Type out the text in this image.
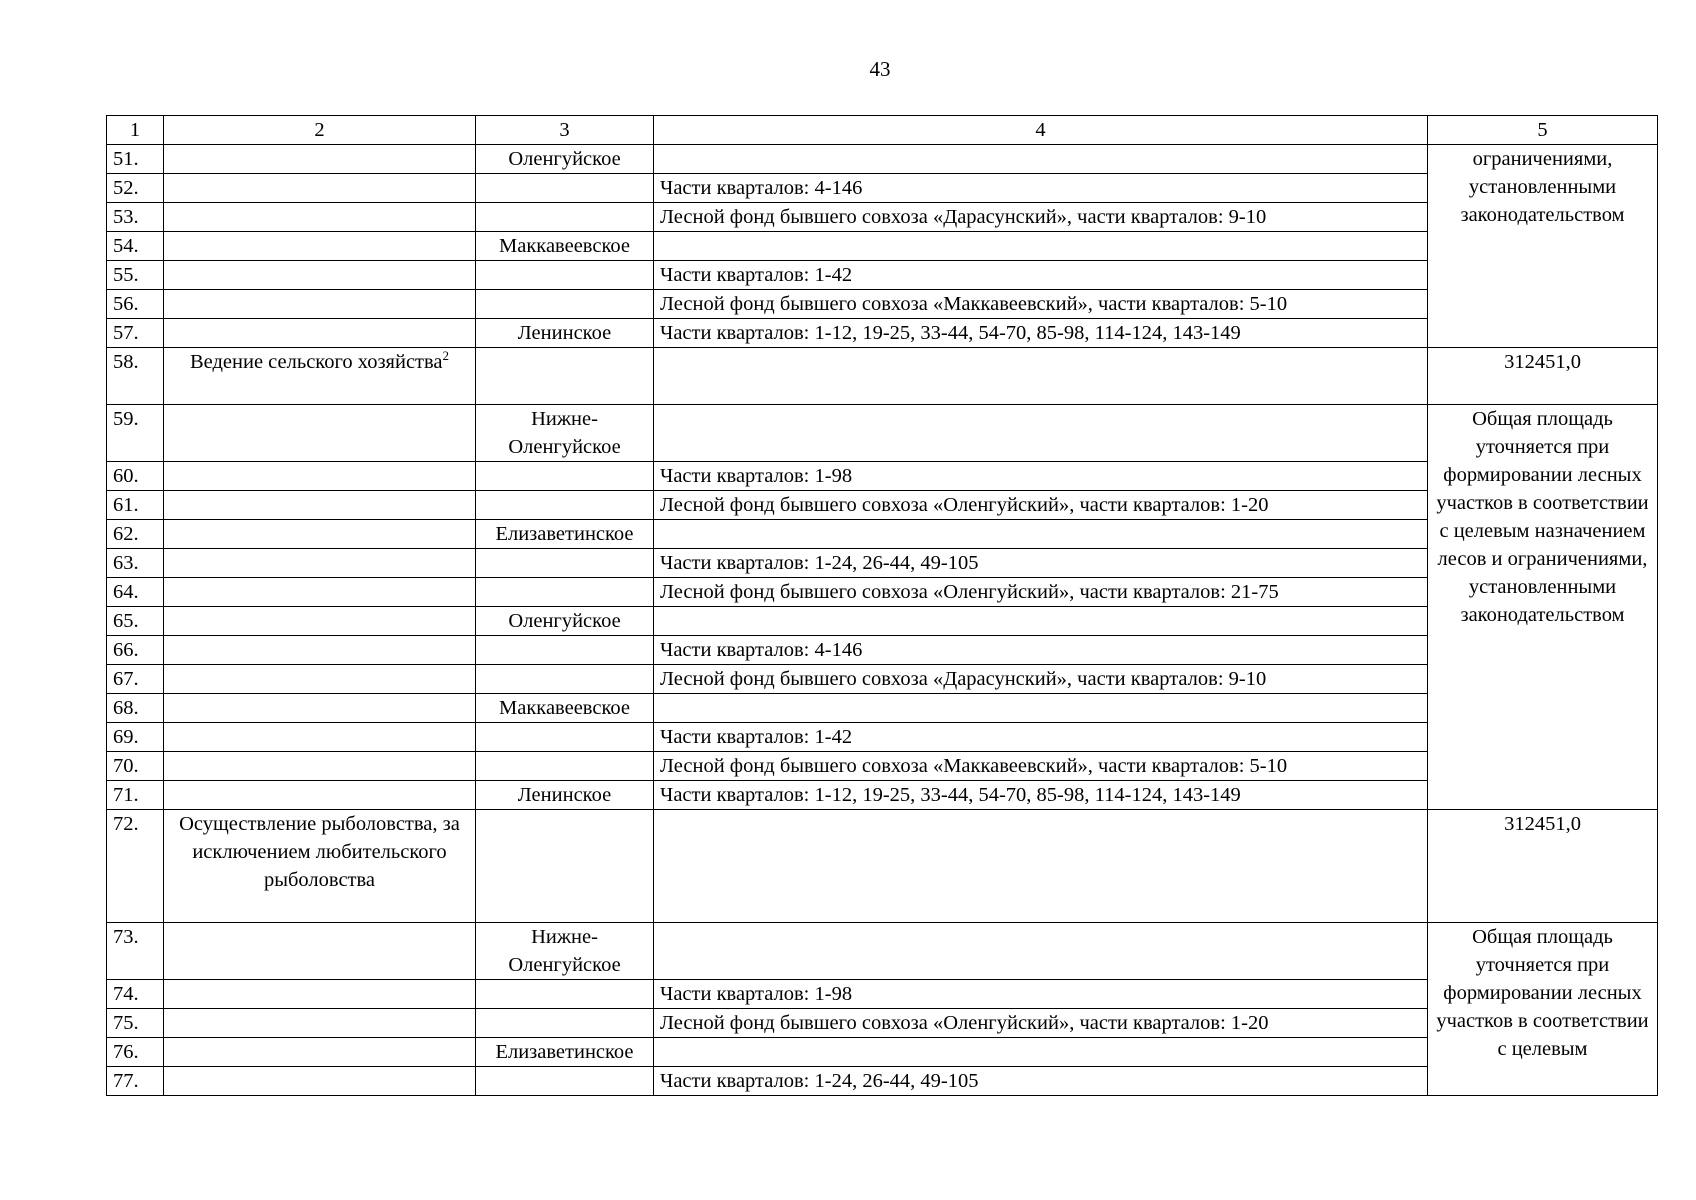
43
1	2	3	4	5
51.		Оленгуйское		ограничениями, установленными законодательством
52.			Части кварталов: 4-146	
53.			Лесной фонд бывшего совхоза «Дарасунский», части кварталов: 9-10	
54.		Маккавеевское		
55.			Части кварталов: 1-42	
56.			Лесной фонд бывшего совхоза «Маккавеевский», части кварталов: 5-10	
57.		Ленинское	Части кварталов: 1-12, 19-25, 33-44, 54-70, 85-98, 114-124, 143-149	
58.	Ведение сельского хозяйства$^2$			312451,0
59.		Нижне-Оленгуйское		Общая площадь уточняется при формировании лесных участков в соответствии с целевым назначением лесов и ограничениями, установленными законодательством
60.			Части кварталов: 1-98	
61.			Лесной фонд бывшего совхоза «Оленгуйский», части кварталов: 1-20	
62.		Елизаветинское		
63.			Части кварталов: 1-24, 26-44, 49-105	
64.			Лесной фонд бывшего совхоза «Оленгуйский», части кварталов: 21-75	
65.		Оленгуйское		
66.			Части кварталов: 4-146	
67.			Лесной фонд бывшего совхоза «Дарасунский», части кварталов: 9-10	
68.		Маккавеевское		
69.			Части кварталов: 1-42	
70.			Лесной фонд бывшего совхоза «Маккавеевский», части кварталов: 5-10	
71.		Ленинское	Части кварталов: 1-12, 19-25, 33-44, 54-70, 85-98, 114-124, 143-149	
72.	Осуществление рыболовства, за исключением любительского рыболовства			312451,0
73.		Нижне-Оленгуйское		Общая площадь уточняется при формировании лесных участков в соответствии с целевым
74.			Части кварталов: 1-98	
75.			Лесной фонд бывшего совхоза «Оленгуйский», части кварталов: 1-20	
76.		Елизаветинское		
77.			Части кварталов: 1-24, 26-44, 49-105	
